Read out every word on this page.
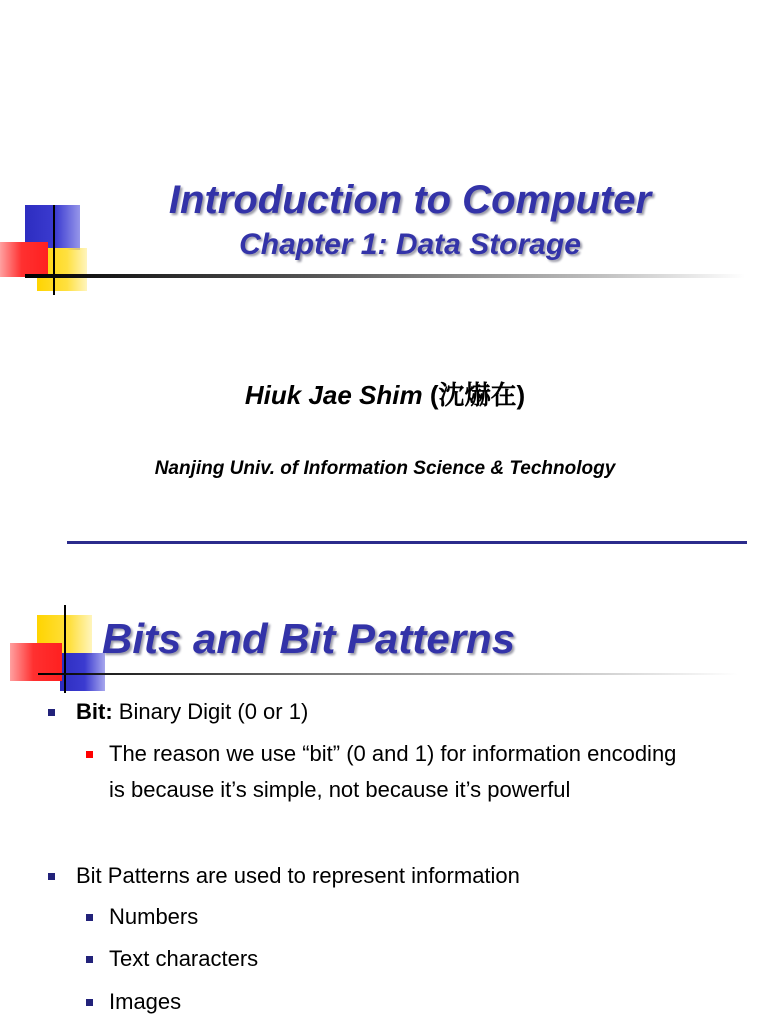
Introduction to Computer
Chapter 1: Data Storage
Hiuk Jae Shim (沈爀在)
Nanjing Univ. of Information Science & Technology
Bits and Bit Patterns
Bit: Binary Digit (0 or 1)
The reason we use “bit” (0 and 1) for information encoding
is because it’s simple, not because it’s powerful
Bit Patterns are used to represent information
Numbers
Text characters
Images
